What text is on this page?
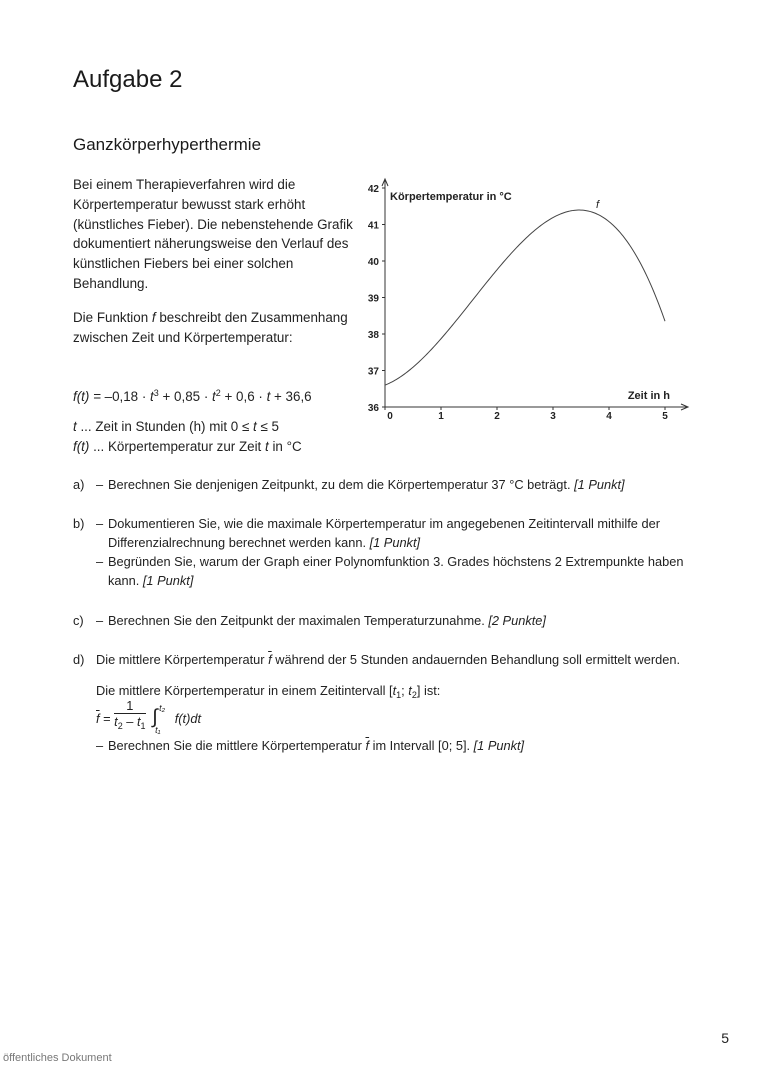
Aufgabe 2
Ganzkörperhyperthermie

Bei einem Therapieverfahren wird die Körpertemperatur bewusst stark erhöht (künstliches Fieber). Die nebenstehende Grafik dokumentiert näherungsweise den Verlauf des künstlichen Fiebers bei einer solchen Behandlung.

Die Funktion f beschreibt den Zusammenhang zwischen Zeit und Körpertemperatur:

$f(t) = -0,18 \cdot t^3 + 0,85 \cdot t^2 + 0,6 \cdot t + 36,6$
t ... Zeit in Stunden (h) mit 0 ≤ t ≤ 5
f(t) ... Körpertemperatur zur Zeit t in °C
36
37
38
39
40
41
42
0	1	2	3	4	5
Körpertemperatur in °C
Zeit in h
f
a) – Berechnen Sie denjenigen Zeitpunkt, zu dem die Körpertemperatur 37 °C beträgt. [1 Punkt]
b) – Dokumentieren Sie, wie die maximale Körpertemperatur im angegebenen Zeitintervall mithilfe der Differenzialrechnung berechnet werden kann. [1 Punkt]
– Begründen Sie, warum der Graph einer Polynomfunktion 3. Grades höchstens 2 Extrempunkte haben kann. [1 Punkt]
c) – Berechnen Sie den Zeitpunkt der maximalen Temperaturzunahme. [2 Punkte]
d) Die mittlere Körpertemperatur $\overline{f}$ während der 5 Stunden andauernden Behandlung soll ermittelt werden.
Die mittlere Körpertemperatur in einem Zeitintervall [$t_1$; $t_2$] ist:
$\overline{f} = \frac{1}{t_2 - t_1}$ ∫ t₂
t₁
f(t)dt
– Berechnen Sie die mittlere Körpertemperatur $\overline{f}$ im Intervall [0; 5]. [1 Punkt]
5
öffentliches Dokument
